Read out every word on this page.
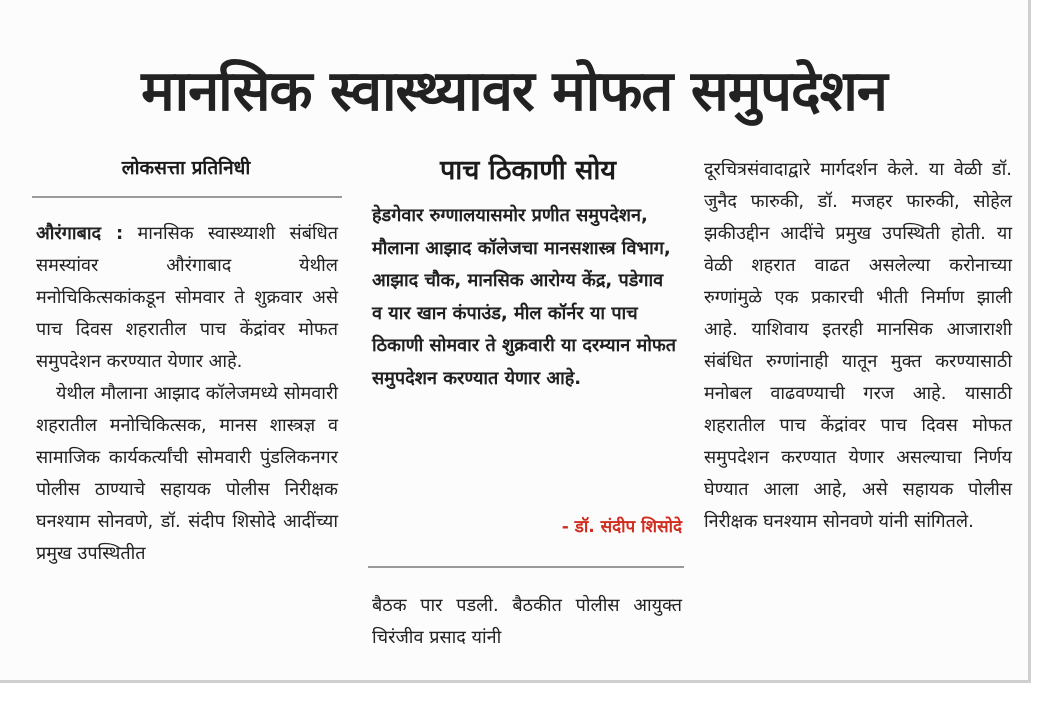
मानसिक स्वास्थ्यावर मोफत समुपदेशन
लोकसत्ता प्रतिनिधी

औरंगाबाद : मानसिक स्वास्थ्याशी संबंधित समस्यांवर औरंगाबाद येथील मनोचिकित्सकांकडून सोमवार ते शुक्रवार असे पाच दिवस शहरातील पाच केंद्रांवर मोफत समुपदेशन करण्यात येणार आहे.

येथील मौलाना आझाद कॉलेजमध्ये सोमवारी शहरातील मनोचिकित्सक, मानस शास्त्रज्ञ व सामाजिक कार्यकर्त्यांची सोमवारी पुंडलिकनगर पोलीस ठाण्याचे सहायक पोलीस निरीक्षक घनश्याम सोनवणे, डॉ. संदीप शिसोदे आदींच्या प्रमुख उपस्थितीत

पाच ठिकाणी सोय

हेडगेवार रुग्णालयासमोर प्रणीत समुपदेशन, मौलाना आझाद कॉलेजचा मानसशास्त्र विभाग, आझाद चौक, मानसिक आरोग्य केंद्र, पडेगाव व यार खान कंपाउंड, मील कॉर्नर या पाच ठिकाणी सोमवार ते शुक्रवारी या दरम्यान मोफत समुपदेशन करण्यात येणार आहे.

- डॉ. संदीप शिसोदे

बैठक पार पडली. बैठकीत पोलीस आयुक्त चिरंजीव प्रसाद यांनी

दूरचित्रसंवादाद्वारे मार्गदर्शन केले. या वेळी डॉ. जुनैद फारुकी, डॉ. मजहर फारुकी, सोहेल झकीउद्दीन आदींचे प्रमुख उपस्थिती होती. या वेळी शहरात वाढत असलेल्या करोनाच्या रुग्णांमुळे एक प्रकारची भीती निर्माण झाली आहे. याशिवाय इतरही मानसिक आजाराशी संबंधित रुग्णांनाही यातून मुक्त करण्यासाठी मनोबल वाढवण्याची गरज आहे. यासाठी शहरातील पाच केंद्रांवर पाच दिवस मोफत समुपदेशन करण्यात येणार असल्याचा निर्णय घेण्यात आला आहे, असे सहायक पोलीस निरीक्षक घनश्याम सोनवणे यांनी सांगितले.
